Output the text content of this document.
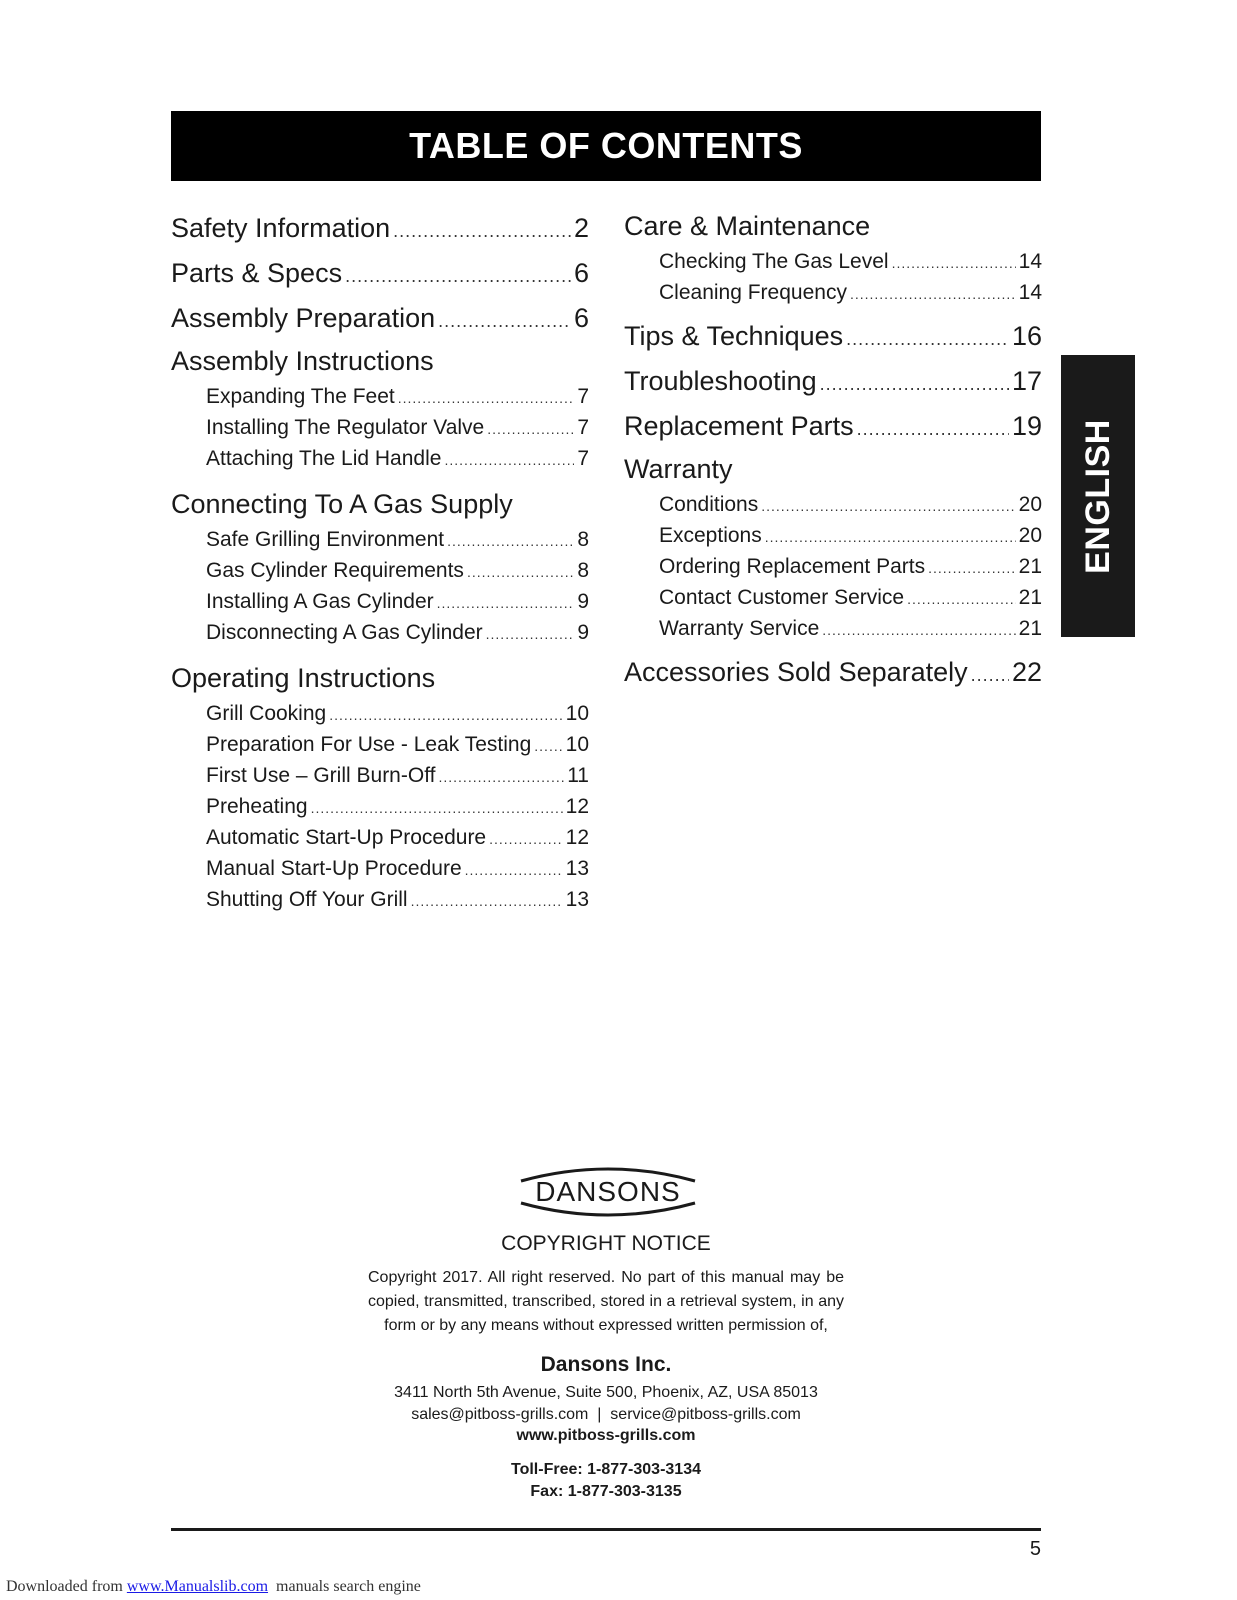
TABLE OF CONTENTS
Safety Information .....	2
Parts & Specs .....	6
Assembly Preparation .....	6
Assembly Instructions
Expanding The Feet .....	7
Installing The Regulator Valve .....	7
Attaching The Lid Handle .....	7
Connecting To A Gas Supply
Safe Grilling Environment .....	8
Gas Cylinder Requirements .....	8
Installing A Gas Cylinder .....	9
Disconnecting A Gas Cylinder .....	9
Operating Instructions
Grill Cooking .....	10
Preparation For Use - Leak Testing ..... 10
First Use – Grill Burn-Off .....	11
Preheating .....	12
Automatic Start-Up Procedure .....	12
Manual Start-Up Procedure .....	13
Shutting Off Your Grill .....	13
Care & Maintenance
Checking The Gas Level .....	14
Cleaning Frequency .....	14
Tips & Techniques .....	16
Troubleshooting .....	17
Replacement Parts .....	19
Warranty
Conditions .....	20
Exceptions .....	20
Ordering Replacement Parts .....	21
Contact Customer Service .....	21
Warranty Service .....	21
Accessories Sold Separately ..... 22
ENGLISH
DANSONS
COPYRIGHT NOTICE
Copyright 2017. All right reserved. No part of this manual may be copied, transmitted, transcribed, stored in a retrieval system, in any form or by any means without expressed written permission of,
Dansons Inc.
3411 North 5th Avenue, Suite 500, Phoenix, AZ, USA 85013
sales@pitboss-grills.com  |  service@pitboss-grills.com
www.pitboss-grills.com
Toll-Free: 1-877-303-3134
Fax: 1-877-303-3135
5
Downloaded from www.Manualslib.com  manuals search engine
